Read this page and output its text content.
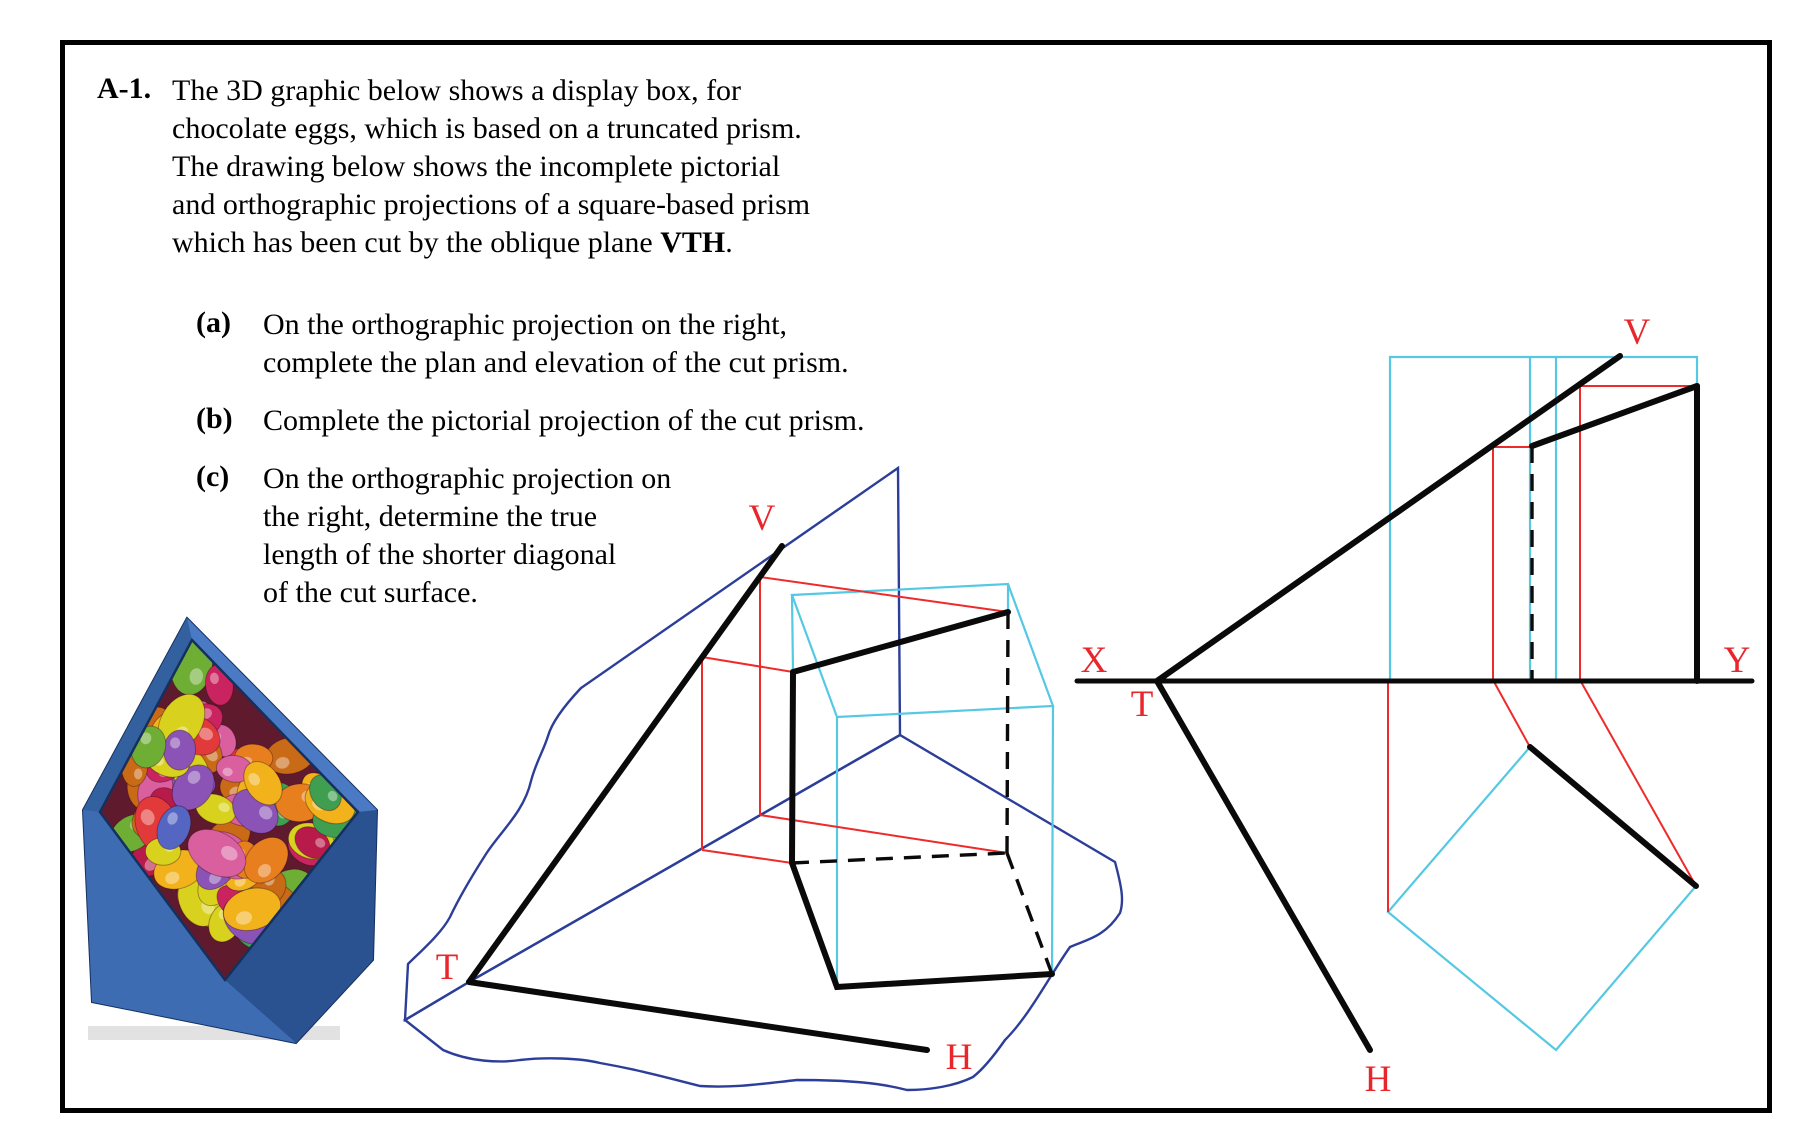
A-1. The 3D graphic below shows a display box, for
chocolate eggs, which is based on a truncated prism.
The drawing below shows the incomplete pictorial
and orthographic projections of a square-based prism
which has been cut by the oblique plane VTH.
(a) On the orthographic projection on the right,
complete the plan and elevation of the cut prism.
(b) Complete the pictorial projection of the cut prism.
(c) On the orthographic projection on
the right, determine the true
length of the shorter diagonal
of the cut surface.
V
T
H
X	Y
T
V
H
